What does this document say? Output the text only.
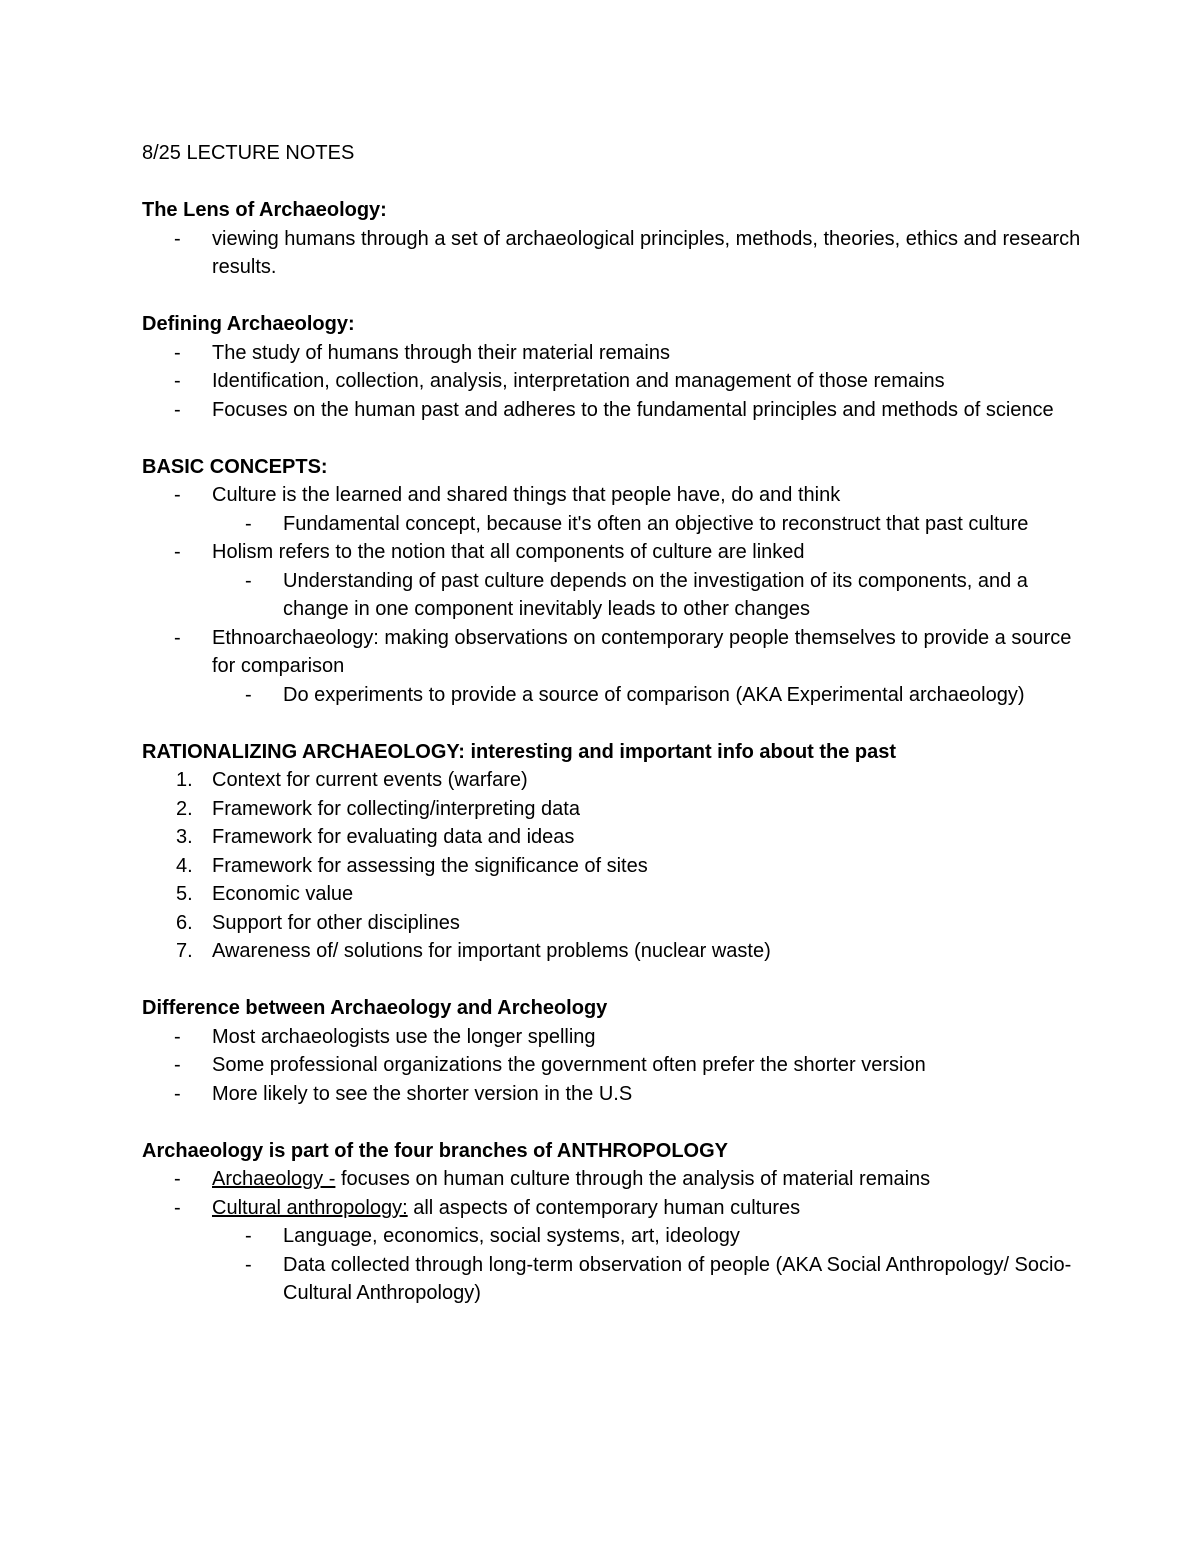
8/25 LECTURE NOTES
The Lens of Archaeology:
- viewing humans through a set of archaeological principles, methods, theories, ethics and research results.
Defining Archaeology:
- The study of humans through their material remains
- Identification, collection, analysis, interpretation and management of those remains
- Focuses on the human past and adheres to the fundamental principles and methods of science
BASIC CONCEPTS:
- Culture is the learned and shared things that people have, do and think
- Fundamental concept, because it's often an objective to reconstruct that past culture
- Holism refers to the notion that all components of culture are linked
- Understanding of past culture depends on the investigation of its components, and a change in one component inevitably leads to other changes
- Ethnoarchaeology: making observations on contemporary people themselves to provide a source for comparison
- Do experiments to provide a source of comparison (AKA Experimental archaeology)
RATIONALIZING ARCHAEOLOGY: interesting and important info about the past
1. Context for current events (warfare)
2. Framework for collecting/interpreting data
3. Framework for evaluating data and ideas
4. Framework for assessing the significance of sites
5. Economic value
6. Support for other disciplines
7. Awareness of/ solutions for important problems (nuclear waste)
Difference between Archaeology and Archeology
- Most archaeologists use the longer spelling
- Some professional organizations the government often prefer the shorter version
- More likely to see the shorter version in the U.S
Archaeology is part of the four branches of ANTHROPOLOGY
- Archaeology - focuses on human culture through the analysis of material remains
- Cultural anthropology: all aspects of contemporary human cultures
- Language, economics, social systems, art, ideology
- Data collected through long-term observation of people (AKA Social Anthropology/ Socio-Cultural Anthropology)
